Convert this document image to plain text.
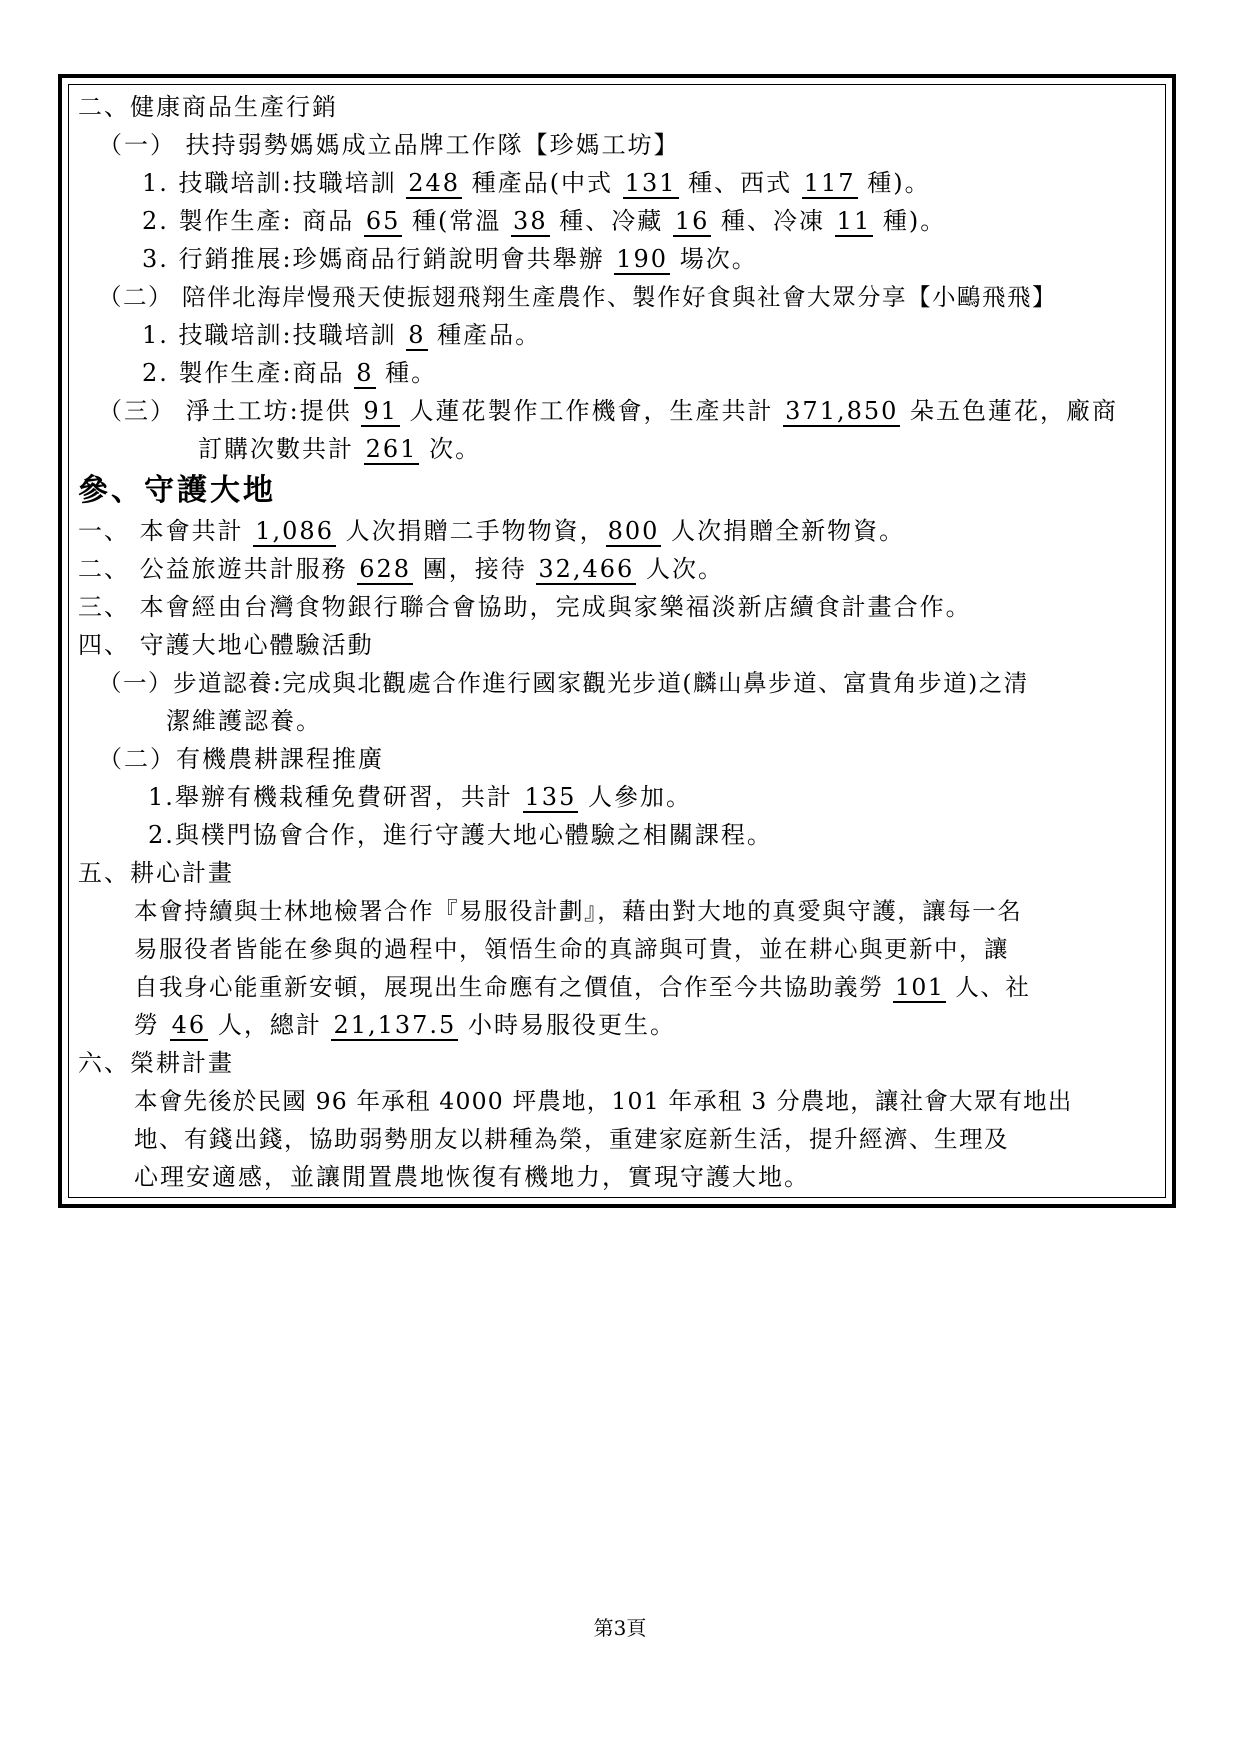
二、健康商品生產行銷
（一） 扶持弱勢媽媽成立品牌工作隊【珍媽工坊】
1. 技職培訓:技職培訓 248 種產品(中式 131 種、西式 117 種)。
2. 製作生產: 商品 65 種(常溫 38 種、冷藏 16 種、冷凍 11 種)。
3. 行銷推展:珍媽商品行銷說明會共舉辦 190 場次。
（二） 陪伴北海岸慢飛天使振翅飛翔生產農作、製作好食與社會大眾分享【小鷗飛飛】
1. 技職培訓:技職培訓 8 種產品。
2. 製作生產:商品 8 種。
（三） 淨土工坊:提供 91 人蓮花製作工作機會，生產共計 371,850 朵五色蓮花，廠商
訂購次數共計 261 次。
參、守護大地
一、 本會共計 1,086 人次捐贈二手物物資，800 人次捐贈全新物資。
二、 公益旅遊共計服務 628 團，接待 32,466 人次。
三、 本會經由台灣食物銀行聯合會協助，完成與家樂福淡新店續食計畫合作。
四、 守護大地心體驗活動
（一）步道認養:完成與北觀處合作進行國家觀光步道(麟山鼻步道、富貴角步道)之清
潔維護認養。
（二）有機農耕課程推廣
1.舉辦有機栽種免費研習，共計 135 人參加。
2.與樸門協會合作，進行守護大地心體驗之相關課程。
五、耕心計畫
本會持續與士林地檢署合作『易服役計劃』，藉由對大地的真愛與守護，讓每一名
易服役者皆能在參與的過程中，領悟生命的真諦與可貴，並在耕心與更新中，讓
自我身心能重新安頓，展現出生命應有之價值，合作至今共協助義勞 101 人、社
勞 46 人，總計 21,137.5 小時易服役更生。
六、榮耕計畫
本會先後於民國 96 年承租 4000 坪農地，101 年承租 3 分農地，讓社會大眾有地出
地、有錢出錢，協助弱勢朋友以耕種為榮，重建家庭新生活，提升經濟、生理及
心理安適感，並讓閒置農地恢復有機地力，實現守護大地。
第3頁
